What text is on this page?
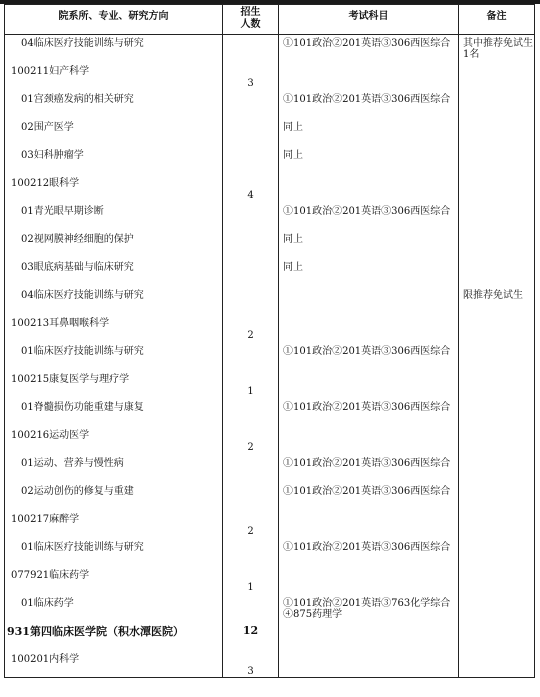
院系所、专业、研究方向	招生
人数	考试科目	备注

04临床医疗技能训练与研究		①101政治②201英语③306西医综合	其中推荐免试生1名

100211妇产科学	3		

01宫颈癌发病的相关研究		①101政治②201英语③306西医综合	

02围产医学		同上	

03妇科肿瘤学		同上	

100212眼科学	4		

01青光眼早期诊断		①101政治②201英语③306西医综合	

02视网膜神经细胞的保护		同上	

03眼底病基础与临床研究		同上	

04临床医疗技能训练与研究			限推荐免试生

100213耳鼻咽喉科学	2		

01临床医疗技能训练与研究		①101政治②201英语③306西医综合	

100215康复医学与理疗学	1		

01脊髓损伤功能重建与康复		①101政治②201英语③306西医综合	

100216运动医学	2		

01运动、营养与慢性病		①101政治②201英语③306西医综合	

02运动创伤的修复与重建		①101政治②201英语③306西医综合	

100217麻醉学	2		

01临床医疗技能训练与研究		①101政治②201英语③306西医综合	

077921临床药学	1		

01临床药学		①101政治②201英语③763化学综合④875药理学	

931第四临床医学院（积水潭医院）	12		

100201内科学	3		
